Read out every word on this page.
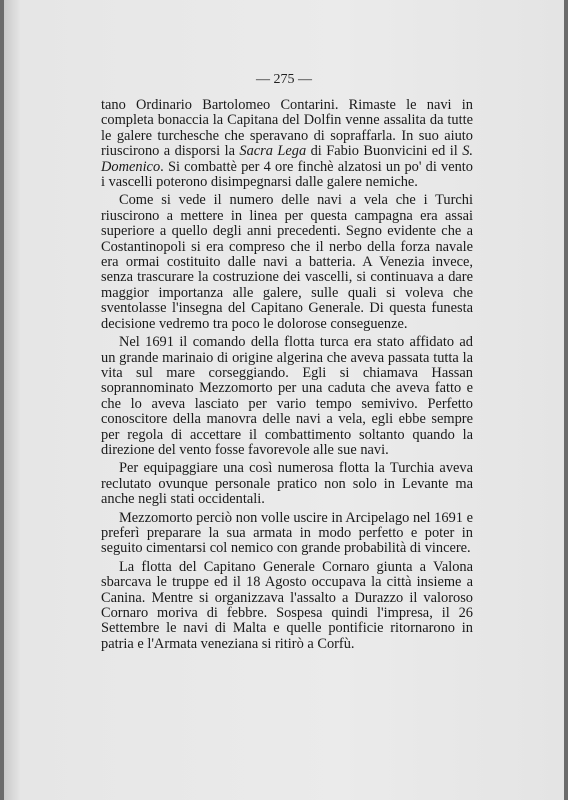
— 275 —

tano Ordinario Bartolomeo Contarini. Rimaste le navi in completa bonaccia la Capitana del Dolfin venne assalita da tutte le galere turchesche che speravano di sopraffarla. In suo aiuto riuscirono a disporsi la Sacra Lega di Fabio Buonvicini ed il S. Domenico. Si combattè per 4 ore finchè alzatosi un po' di vento i vascelli poterono disimpegnarsi dalle galere nemiche.

Come si vede il numero delle navi a vela che i Turchi riuscirono a mettere in linea per questa campagna era assai superiore a quello degli anni precedenti. Segno evidente che a Costantinopoli si era compreso che il nerbo della forza navale era ormai costituito dalle navi a batteria. A Venezia invece, senza trascurare la costruzione dei vascelli, si continuava a dare maggior importanza alle galere, sulle quali si voleva che sventolasse l'insegna del Capitano Generale. Di questa funesta decisione vedremo tra poco le dolorose conseguenze.

Nel 1691 il comando della flotta turca era stato affidato ad un grande marinaio di origine algerina che aveva passata tutta la vita sul mare corseggiando. Egli si chiamava Hassan soprannominato Mezzomorto per una caduta che aveva fatto e che lo aveva lasciato per vario tempo semivivo. Perfetto conoscitore della manovra delle navi a vela, egli ebbe sempre per regola di accettare il combattimento soltanto quando la direzione del vento fosse favorevole alle sue navi.

Per equipaggiare una così numerosa flotta la Turchia aveva reclutato ovunque personale pratico non solo in Levante ma anche negli stati occidentali.

Mezzomorto perciò non volle uscire in Arcipelago nel 1691 e preferì preparare la sua armata in modo perfetto e poter in seguito cimentarsi col nemico con grande probabilità di vincere.

La flotta del Capitano Generale Cornaro giunta a Valona sbarcava le truppe ed il 18 Agosto occupava la città insieme a Canina. Mentre si organizzava l'assalto a Durazzo il valoroso Cornaro moriva di febbre. Sospesa quindi l'impresa, il 26 Settembre le navi di Malta e quelle pontificie ritornarono in patria e l'Armata veneziana si ritirò a Corfù.
